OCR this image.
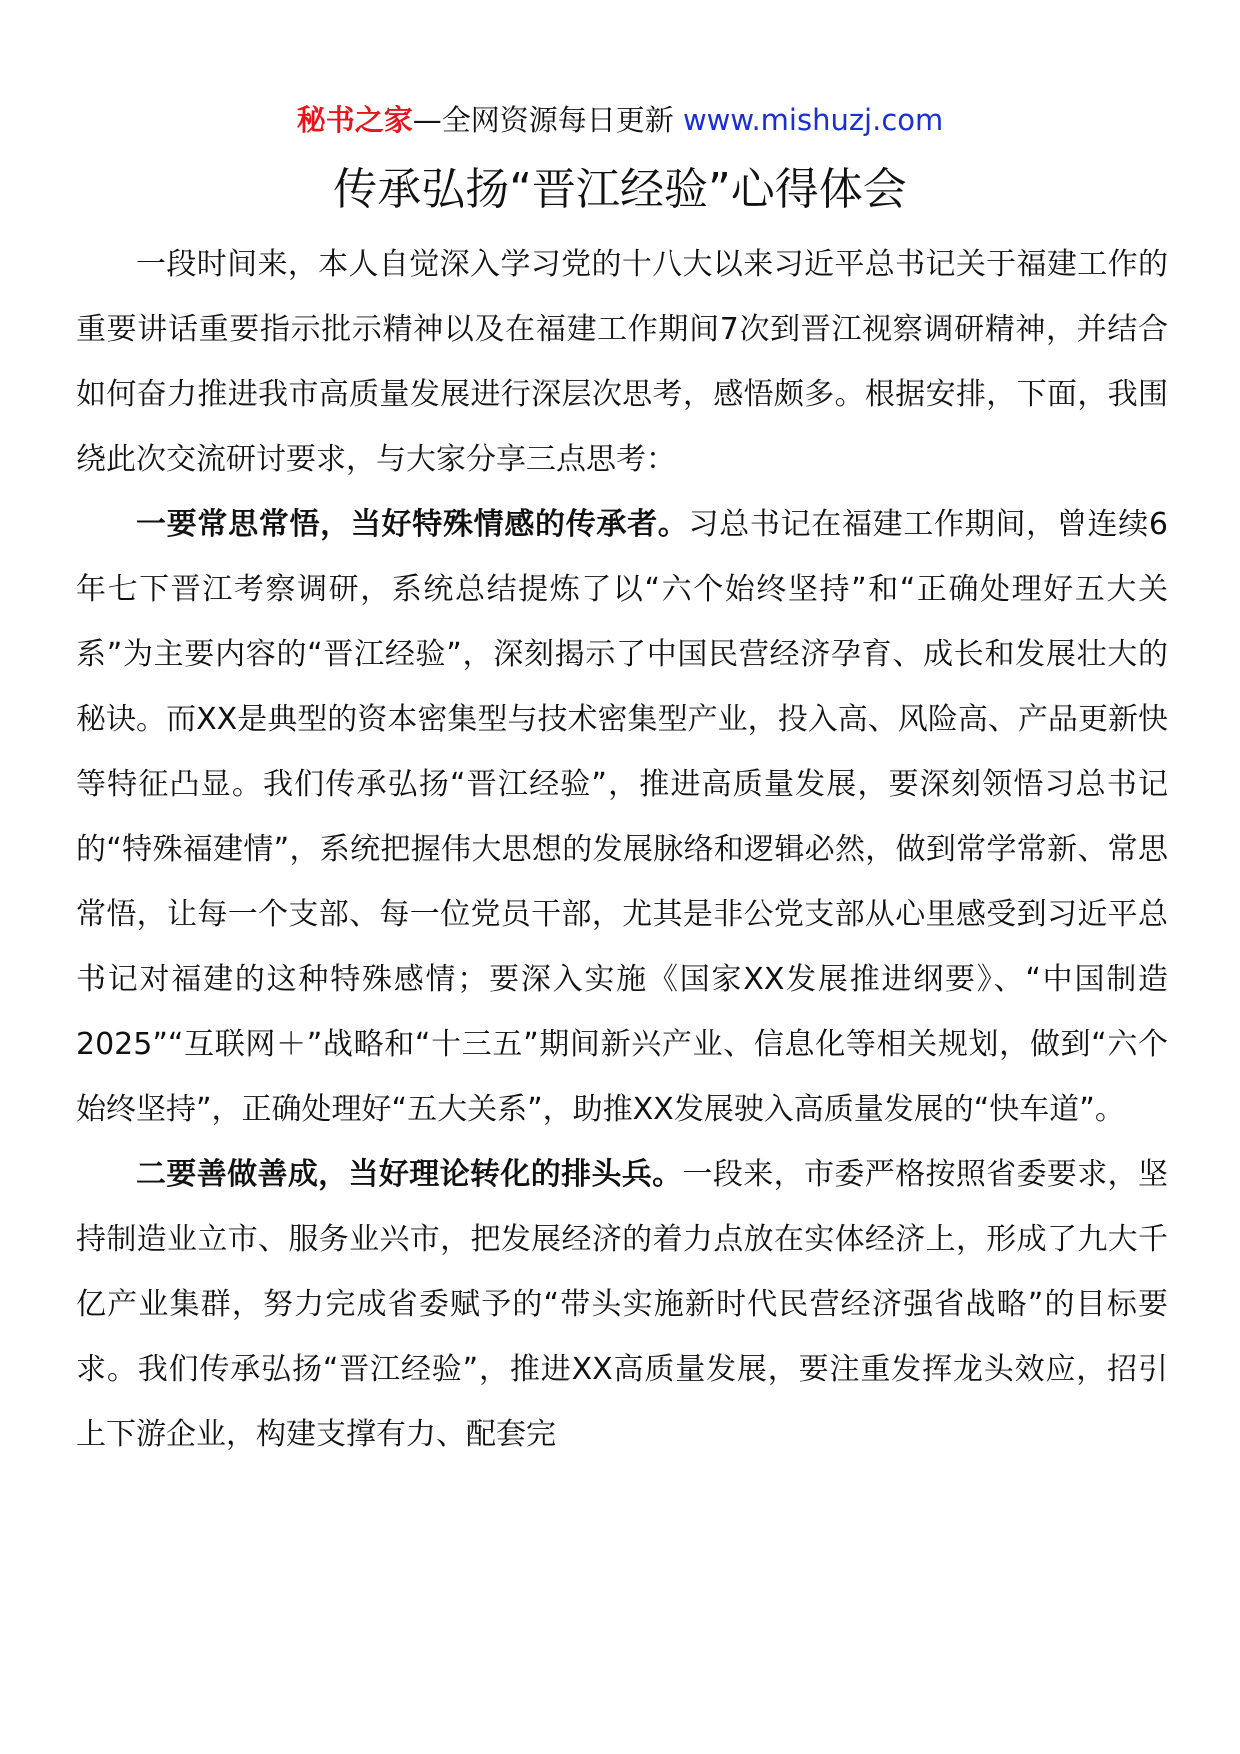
秘书之家—全网资源每日更新 www.mishuzj.com
传承弘扬“晋江经验”心得体会

一段时间来，本人自觉深入学习党的十八大以来习近平总书记关于福建工作的重要讲话重要指示批示精神以及在福建工作期间7次到晋江视察调研精神，并结合如何奋力推进我市高质量发展进行深层次思考，感悟颇多。根据安排，下面，我围绕此次交流研讨要求，与大家分享三点思考：

一要常思常悟，当好特殊情感的传承者。习总书记在福建工作期间，曾连续6年七下晋江考察调研，系统总结提炼了以“六个始终坚持”和“正确处理好五大关系”为主要内容的“晋江经验”，深刻揭示了中国民营经济孕育、成长和发展壮大的秘诀。而XX是典型的资本密集型与技术密集型产业，投入高、风险高、产品更新快等特征凸显。我们传承弘扬“晋江经验”，推进高质量发展，要深刻领悟习总书记的“特殊福建情”，系统把握伟大思想的发展脉络和逻辑必然，做到常学常新、常思常悟，让每一个支部、每一位党员干部，尤其是非公党支部从心里感受到习近平总书记对福建的这种特殊感情；要深入实施《国家XX发展推进纲要》、“中国制造2025”“互联网＋”战略和“十三五”期间新兴产业、信息化等相关规划，做到“六个始终坚持”，正确处理好“五大关系”，助推XX发展驶入高质量发展的“快车道”。

二要善做善成，当好理论转化的排头兵。一段来，市委严格按照省委要求，坚持制造业立市、服务业兴市，把发展经济的着力点放在实体经济上，形成了九大千亿产业集群，努力完成省委赋予的“带头实施新时代民营经济强省战略”的目标要求。我们传承弘扬“晋江经验”，推进XX高质量发展，要注重发挥龙头效应，招引上下游企业，构建支撑有力、配套完
